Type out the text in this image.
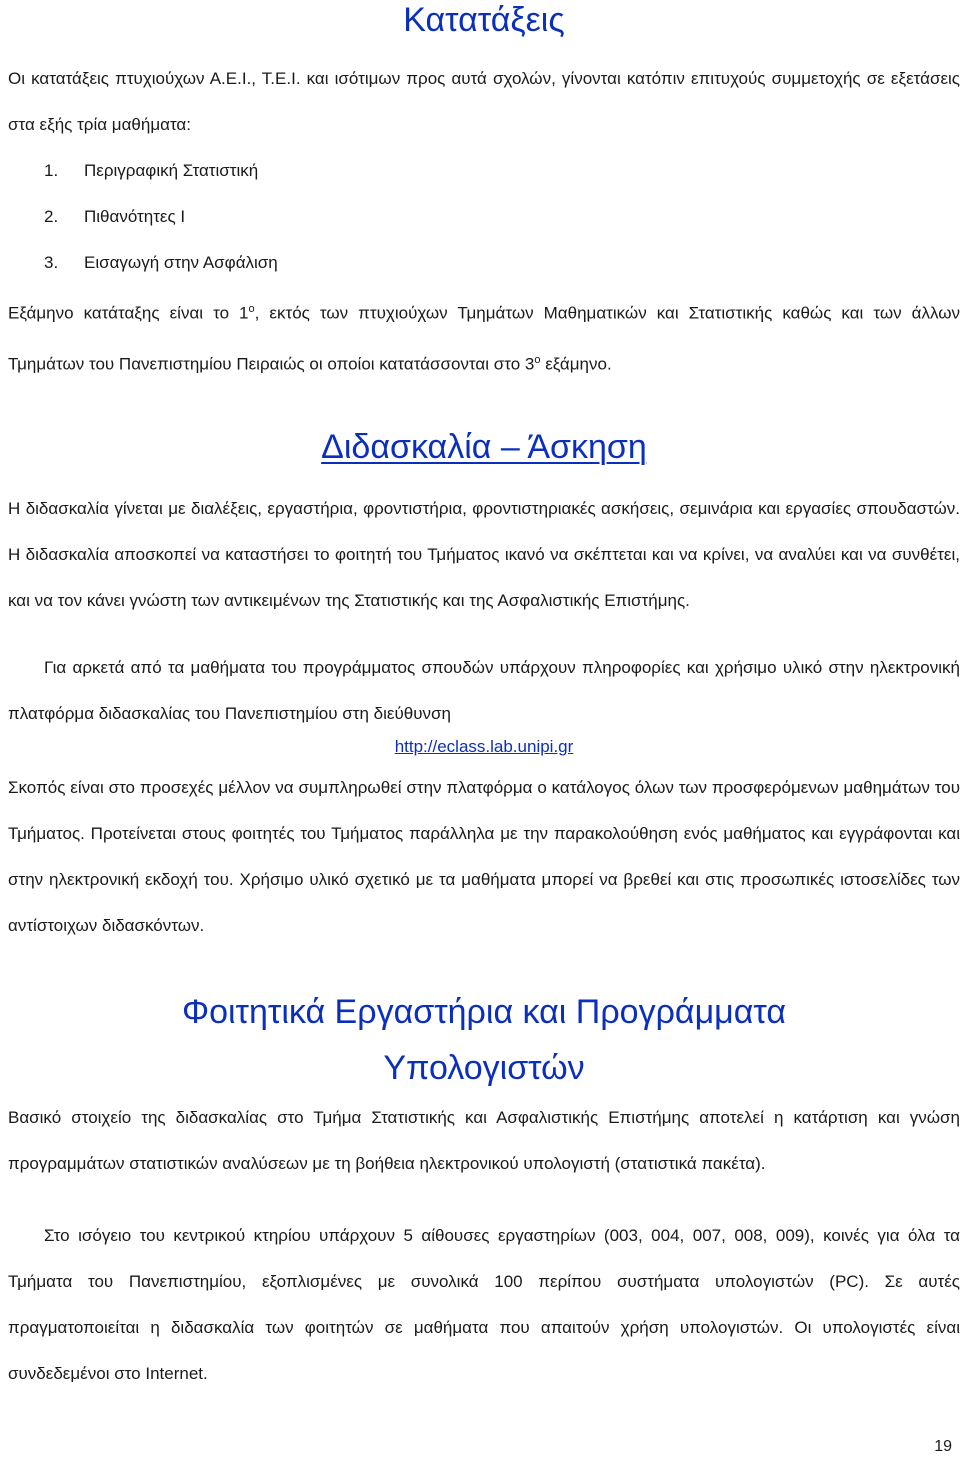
Κατατάξεις

Οι κατατάξεις πτυχιούχων Α.Ε.Ι., Τ.Ε.Ι. και ισότιμων προς αυτά σχολών, γίνονται κατόπιν επιτυχούς συμμετοχής σε εξετάσεις στα εξής τρία μαθήματα:

1. Περιγραφική Στατιστική
2. Πιθανότητες Ι
3. Εισαγωγή στην Ασφάλιση

Εξάμηνο κατάταξης είναι το $1^o$, εκτός των πτυχιούχων Τμημάτων Μαθηματικών και Στατιστικής καθώς και των άλλων Τμημάτων του Πανεπιστημίου Πειραιώς οι οποίοι κατατάσσονται στο $3^o$ εξάμηνο.

Διδασκαλία – Άσκηση

Η διδασκαλία γίνεται με διαλέξεις, εργαστήρια, φροντιστήρια, φροντιστηριακές ασκήσεις, σεμινάρια και εργασίες σπουδαστών. Η διδασκαλία αποσκοπεί να καταστήσει το φοιτητή του Τμήματος ικανό να σκέπτεται και να κρίνει, να αναλύει και να συνθέτει, και να τον κάνει γνώστη των αντικειμένων της Στατιστικής και της Ασφαλιστικής Επιστήμης.

Για αρκετά από τα μαθήματα του προγράμματος σπουδών υπάρχουν πληροφορίες και χρήσιμο υλικό στην ηλεκτρονική πλατφόρμα διδασκαλίας του Πανεπιστημίου στη διεύθυνση

http://eclass.lab.unipi.gr

Σκοπός είναι στο προσεχές μέλλον να συμπληρωθεί στην πλατφόρμα ο κατάλογος όλων των προσφερόμενων μαθημάτων του Τμήματος. Προτείνεται στους φοιτητές του Τμήματος παράλληλα με την παρακολούθηση ενός μαθήματος και εγγράφονται και στην ηλεκτρονική εκδοχή του. Χρήσιμο υλικό σχετικό με τα μαθήματα μπορεί να βρεθεί και στις προσωπικές ιστοσελίδες των αντίστοιχων διδασκόντων.

Φοιτητικά Εργαστήρια και Προγράμματα Υπολογιστών

Βασικό στοιχείο της διδασκαλίας στο Τμήμα Στατιστικής και Ασφαλιστικής Επιστήμης αποτελεί η κατάρτιση και γνώση προγραμμάτων στατιστικών αναλύσεων με τη βοήθεια ηλεκτρονικού υπολογιστή (στατιστικά πακέτα).

Στο ισόγειο του κεντρικού κτηρίου υπάρχουν 5 αίθουσες εργαστηρίων (003, 004, 007, 008, 009), κοινές για όλα τα Τμήματα του Πανεπιστημίου, εξοπλισμένες με συνολικά 100 περίπου συστήματα υπολογιστών (PC). Σε αυτές πραγματοποιείται η διδασκαλία των φοιτητών σε μαθήματα που απαιτούν χρήση υπολογιστών. Οι υπολογιστές είναι συνδεδεμένοι στο Internet.

19
